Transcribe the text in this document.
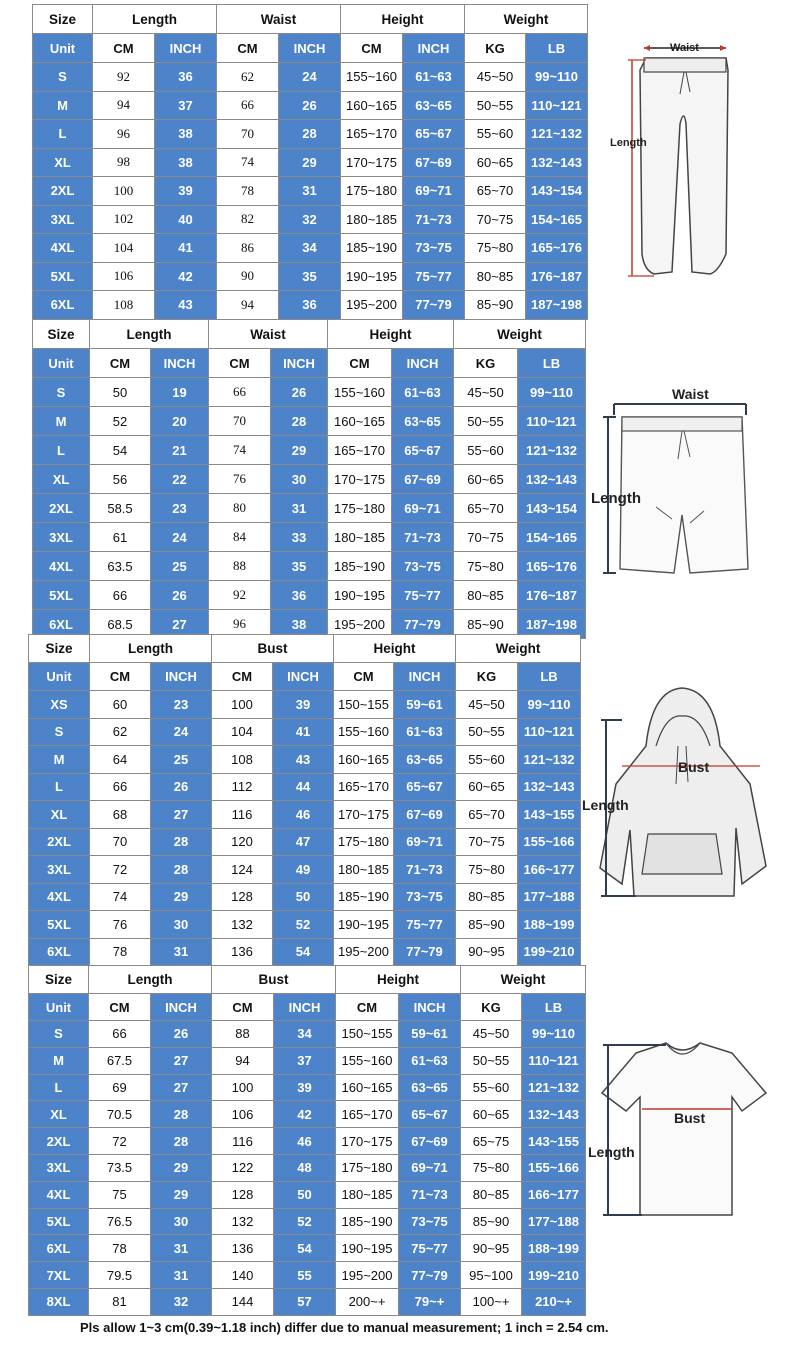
Size	Length		Waist		Height		Weight	
Unit	CM	INCH	CM	INCH	CM	INCH	KG	LB
S	92	36	62	24	155~160	61~63	45~50	99~110
M	94	37	66	26	160~165	63~65	50~55	110~121
L	96	38	70	28	165~170	65~67	55~60	121~132
XL	98	38	74	29	170~175	67~69	60~65	132~143
2XL	100	39	78	31	175~180	69~71	65~70	143~154
3XL	102	40	82	32	180~185	71~73	70~75	154~165
4XL	104	41	86	34	185~190	73~75	75~80	165~176
5XL	106	42	90	35	190~195	75~77	80~85	176~187
6XL	108	43	94	36	195~200	77~79	85~90	187~198
Waist
Length
Size	Length		Waist		Height		Weight	
Unit	CM	INCH	CM	INCH	CM	INCH	KG	LB
S	50	19	66	26	155~160	61~63	45~50	99~110
M	52	20	70	28	160~165	63~65	50~55	110~121
L	54	21	74	29	165~170	65~67	55~60	121~132
XL	56	22	76	30	170~175	67~69	60~65	132~143
2XL	58.5	23	80	31	175~180	69~71	65~70	143~154
3XL	61	24	84	33	180~185	71~73	70~75	154~165
4XL	63.5	25	88	35	185~190	73~75	75~80	165~176
5XL	66	26	92	36	190~195	75~77	80~85	176~187
6XL	68.5	27	96	38	195~200	77~79	85~90	187~198
Waist
Length
Size	Length		Bust		Height		Weight	
Unit	CM	INCH	CM	INCH	CM	INCH	KG	LB
XS	60	23	100	39	150~155	59~61	45~50	99~110
S	62	24	104	41	155~160	61~63	50~55	110~121
M	64	25	108	43	160~165	63~65	55~60	121~132
L	66	26	112	44	165~170	65~67	60~65	132~143
XL	68	27	116	46	170~175	67~69	65~70	143~155
2XL	70	28	120	47	175~180	69~71	70~75	155~166
3XL	72	28	124	49	180~185	71~73	75~80	166~177
4XL	74	29	128	50	185~190	73~75	80~85	177~188
5XL	76	30	132	52	190~195	75~77	85~90	188~199
6XL	78	31	136	54	195~200	77~79	90~95	199~210
Bust
Length
Size	Length		Bust		Height		Weight	
Unit	CM	INCH	CM	INCH	CM	INCH	KG	LB
S	66	26	88	34	150~155	59~61	45~50	99~110
M	67.5	27	94	37	155~160	61~63	50~55	110~121
L	69	27	100	39	160~165	63~65	55~60	121~132
XL	70.5	28	106	42	165~170	65~67	60~65	132~143
2XL	72	28	116	46	170~175	67~69	65~75	143~155
3XL	73.5	29	122	48	175~180	69~71	75~80	155~166
4XL	75	29	128	50	180~185	71~73	80~85	166~177
5XL	76.5	30	132	52	185~190	73~75	85~90	177~188
6XL	78	31	136	54	190~195	75~77	90~95	188~199
7XL	79.5	31	140	55	195~200	77~79	95~100	199~210
8XL	81	32	144	57	200~+	79~+	100~+	210~+
Bust
Length
Pls allow 1~3 cm(0.39~1.18 inch) differ due to manual measurement; 1 inch = 2.54 cm.
